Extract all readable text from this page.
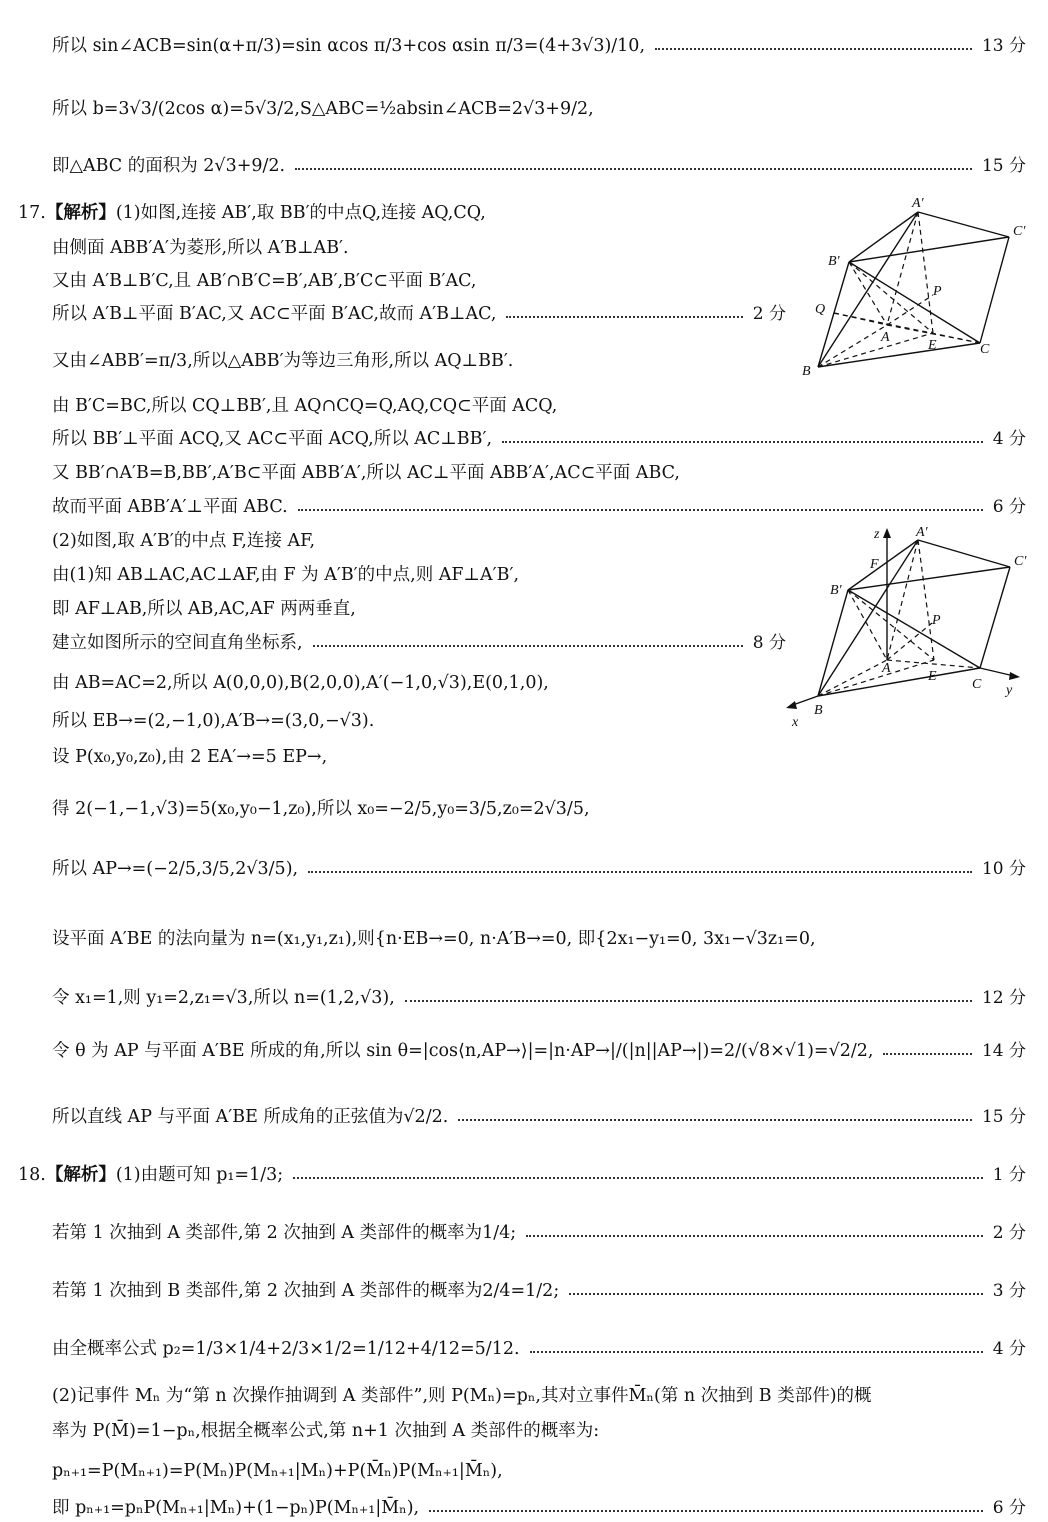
所以 sin∠ACB=sin(α+π/3)=sin αcos π/3+cos αsin π/3=(4+3√3)/10,	13 分
所以 b=3√3/(2cos α)=5√3/2,S△ABC=½absin∠ACB=2√3+9/2,
即△ABC 的面积为 2√3+9/2.	15 分
17.【解析】(1)如图,连接 AB′,取 BB′的中点Q,连接 AQ,CQ,
由侧面 ABB′A′为菱形,所以 A′B⊥AB′.
又由 A′B⊥B′C,且 AB′∩B′C=B′,AB′,B′C⊂平面 B′AC,
所以 A′B⊥平面 B′AC,又 AC⊂平面 B′AC,故而 A′B⊥AC,	2 分
又由∠ABB′=π/3,所以△ABB′为等边三角形,所以 AQ⊥BB′.
由 B′C=BC,所以 CQ⊥BB′,且 AQ∩CQ=Q,AQ,CQ⊂平面 ACQ,
所以 BB′⊥平面 ACQ,又 AC⊂平面 ACQ,所以 AC⊥BB′,	4 分
又 BB′∩A′B=B,BB′,A′B⊂平面 ABB′A′,所以 AC⊥平面 ABB′A′,AC⊂平面 ABC,
故而平面 ABB′A′⊥平面 ABC.	6 分
(2)如图,取 A′B′的中点 F,连接 AF,
由(1)知 AB⊥AC,AC⊥AF,由 F 为 A′B′的中点,则 AF⊥A′B′,
即 AF⊥AB,所以 AB,AC,AF 两两垂直,
建立如图所示的空间直角坐标系,	8 分
由 AB=AC=2,所以 A(0,0,0),B(2,0,0),A′(−1,0,√3),E(0,1,0),
所以 EB→=(2,−1,0),A′B→=(3,0,−√3).
设 P(x₀,y₀,z₀),由 2 EA′→=5 EP→,
得 2(−1,−1,√3)=5(x₀,y₀−1,z₀),所以 x₀=−2/5,y₀=3/5,z₀=2√3/5,
所以 AP→=(−2/5,3/5,2√3/5),	10 分
设平面 A′BE 的法向量为 n=(x₁,y₁,z₁),则{n·EB→=0, n·A′B→=0, 即{2x₁−y₁=0, 3x₁−√3z₁=0,
令 x₁=1,则 y₁=2,z₁=√3,所以 n=(1,2,√3),	12 分
令 θ 为 AP 与平面 A′BE 所成的角,所以 sin θ=|cos⟨n,AP→⟩|=|n·AP→|/(|n||AP→|)=2/(√8×√1)=√2/2,	14 分
所以直线 AP 与平面 A′BE 所成角的正弦值为√2/2.	15 分
18.【解析】(1)由题可知 p₁=1/3;	1 分
若第 1 次抽到 A 类部件,第 2 次抽到 A 类部件的概率为1/4;	2 分
若第 1 次抽到 B 类部件,第 2 次抽到 A 类部件的概率为2/4=1/2;	3 分
由全概率公式 p₂=1/3×1/4+2/3×1/2=1/12+4/12=5/12.	4 分
(2)记事件 Mₙ 为“第 n 次操作抽调到 A 类部件”,则 P(Mₙ)=pₙ,其对立事件M̄ₙ(第 n 次抽到 B 类部件)的概
率为 P(M̄)=1−pₙ,根据全概率公式,第 n+1 次抽到 A 类部件的概率为:
pₙ₊₁=P(Mₙ₊₁)=P(Mₙ)P(Mₙ₊₁|Mₙ)+P(M̄ₙ)P(Mₙ₊₁|M̄ₙ),
即 pₙ₊₁=pₙP(Mₙ₊₁|Mₙ)+(1−pₙ)P(Mₙ₊₁|M̄ₙ),	6 分
A′
C′
B′
P
Q
A
E	C
B
z	A′
C′
F
B′
P
A
E
C y
B
x
